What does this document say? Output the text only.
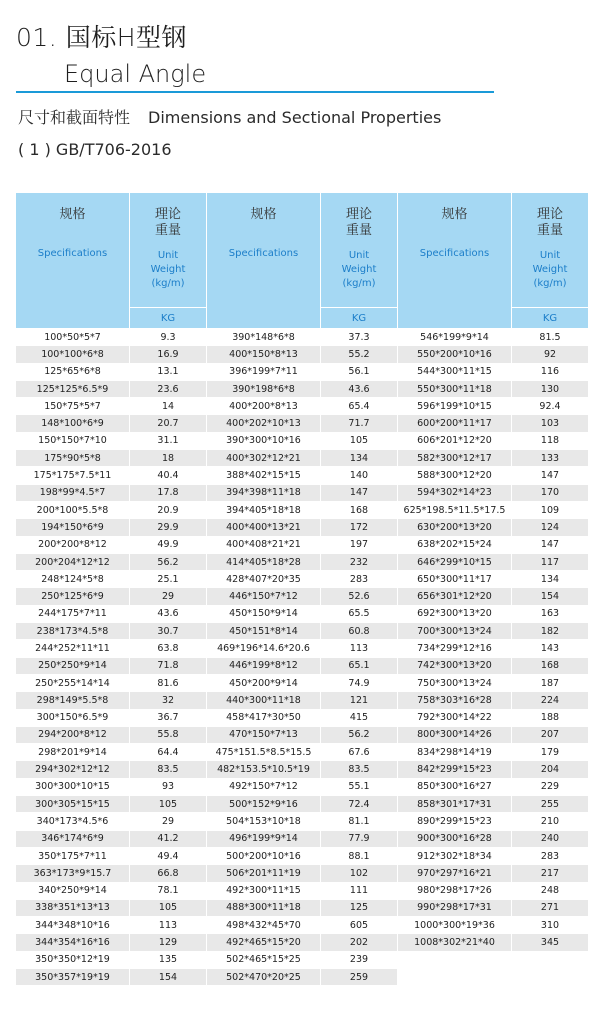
01. 国标H型钢
Equal Angle
尺寸和截面特性 Dimensions and Sectional Properties
( 1 ) GB/T706-2016
规格
Specifications	理论
重量
Unit
Weight
(kg/m)	规格
Specifications	理论
重量
Unit
Weight
(kg/m)	规格
Specifications	理论
重量
Unit
Weight
(kg/m)

	KG		KG		KG
100*50*5*7	9.3	390*148*6*8	37.3	546*199*9*14	81.5
100*100*6*8	16.9	400*150*8*13	55.2	550*200*10*16	92
125*65*6*8	13.1	396*199*7*11	56.1	544*300*11*15	116
125*125*6.5*9	23.6	390*198*6*8	43.6	550*300*11*18	130
150*75*5*7	14	400*200*8*13	65.4	596*199*10*15	92.4
148*100*6*9	20.7	400*202*10*13	71.7	600*200*11*17	103
150*150*7*10	31.1	390*300*10*16	105	606*201*12*20	118
175*90*5*8	18	400*302*12*21	134	582*300*12*17	133
175*175*7.5*11	40.4	388*402*15*15	140	588*300*12*20	147
198*99*4.5*7	17.8	394*398*11*18	147	594*302*14*23	170
200*100*5.5*8	20.9	394*405*18*18	168	625*198.5*11.5*17.5	109
194*150*6*9	29.9	400*400*13*21	172	630*200*13*20	124
200*200*8*12	49.9	400*408*21*21	197	638*202*15*24	147
200*204*12*12	56.2	414*405*18*28	232	646*299*10*15	117
248*124*5*8	25.1	428*407*20*35	283	650*300*11*17	134
250*125*6*9	29	446*150*7*12	52.6	656*301*12*20	154
244*175*7*11	43.6	450*150*9*14	65.5	692*300*13*20	163
238*173*4.5*8	30.7	450*151*8*14	60.8	700*300*13*24	182
244*252*11*11	63.8	469*196*14.6*20.6	113	734*299*12*16	143
250*250*9*14	71.8	446*199*8*12	65.1	742*300*13*20	168
250*255*14*14	81.6	450*200*9*14	74.9	750*300*13*24	187
298*149*5.5*8	32	440*300*11*18	121	758*303*16*28	224
300*150*6.5*9	36.7	458*417*30*50	415	792*300*14*22	188
294*200*8*12	55.8	470*150*7*13	56.2	800*300*14*26	207
298*201*9*14	64.4	475*151.5*8.5*15.5	67.6	834*298*14*19	179
294*302*12*12	83.5	482*153.5*10.5*19	83.5	842*299*15*23	204
300*300*10*15	93	492*150*7*12	55.1	850*300*16*27	229
300*305*15*15	105	500*152*9*16	72.4	858*301*17*31	255
340*173*4.5*6	29	504*153*10*18	81.1	890*299*15*23	210
346*174*6*9	41.2	496*199*9*14	77.9	900*300*16*28	240
350*175*7*11	49.4	500*200*10*16	88.1	912*302*18*34	283
363*173*9*15.7	66.8	506*201*11*19	102	970*297*16*21	217
340*250*9*14	78.1	492*300*11*15	111	980*298*17*26	248
338*351*13*13	105	488*300*11*18	125	990*298*17*31	271
344*348*10*16	113	498*432*45*70	605	1000*300*19*36	310
344*354*16*16	129	492*465*15*20	202	1008*302*21*40	345
350*350*12*19	135	502*465*15*25	239		
350*357*19*19	154	502*470*20*25	259		
